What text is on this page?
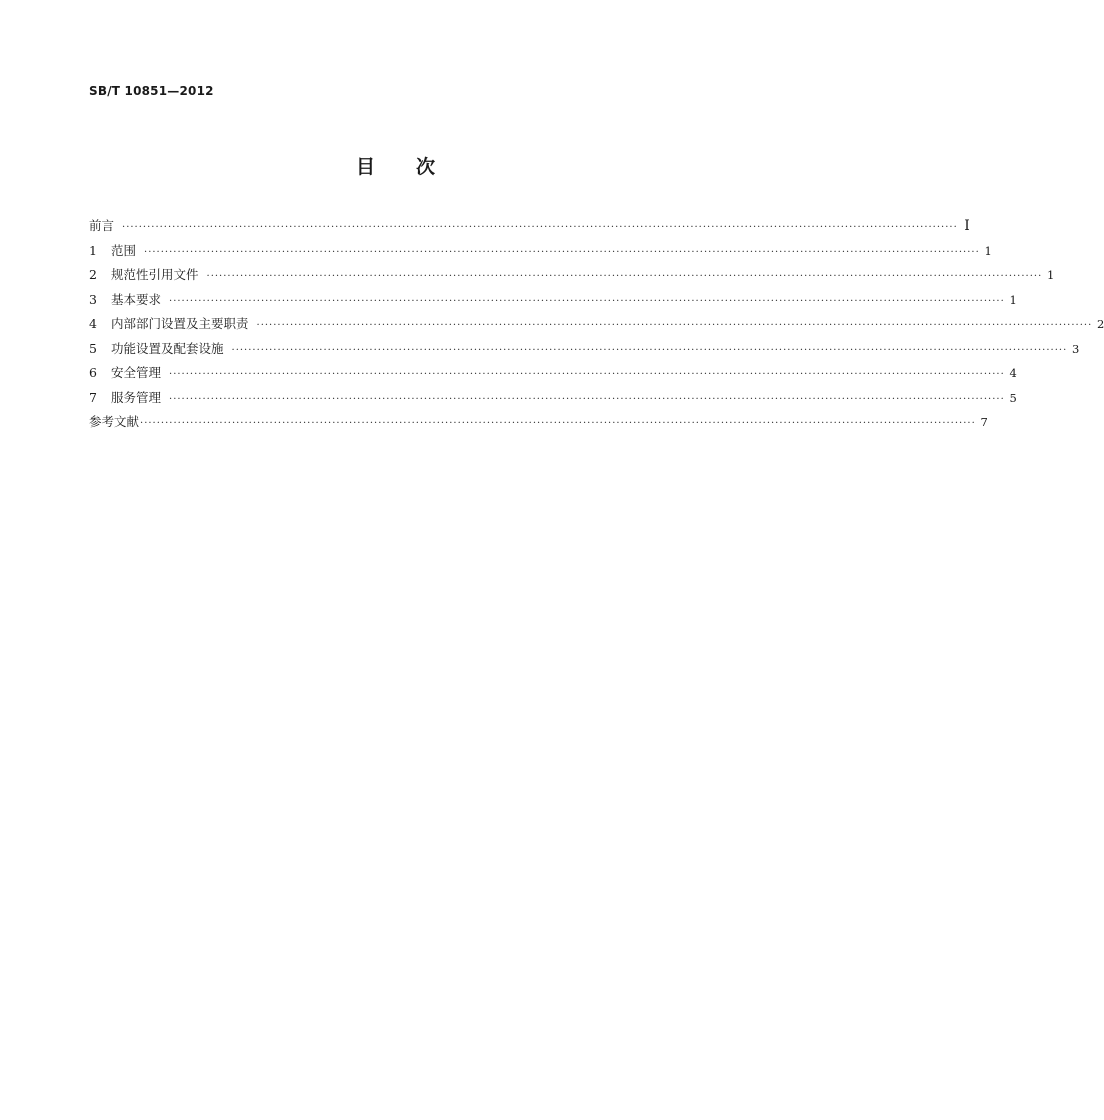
SB/T 10851—2012
目 次
前言 ········································································································································································································ Ⅰ
1	范围 ········································································································································································································ 1
2	规范性引用文件 ········································································································································································································ 1
3	基本要求 ········································································································································································································ 1
4	内部部门设置及主要职责 ········································································································································································································ 2
5	功能设置及配套设施 ········································································································································································································ 3
6	安全管理 ········································································································································································································ 4
7	服务管理 ········································································································································································································ 5
参考文献 ········································································································································································································ 7
